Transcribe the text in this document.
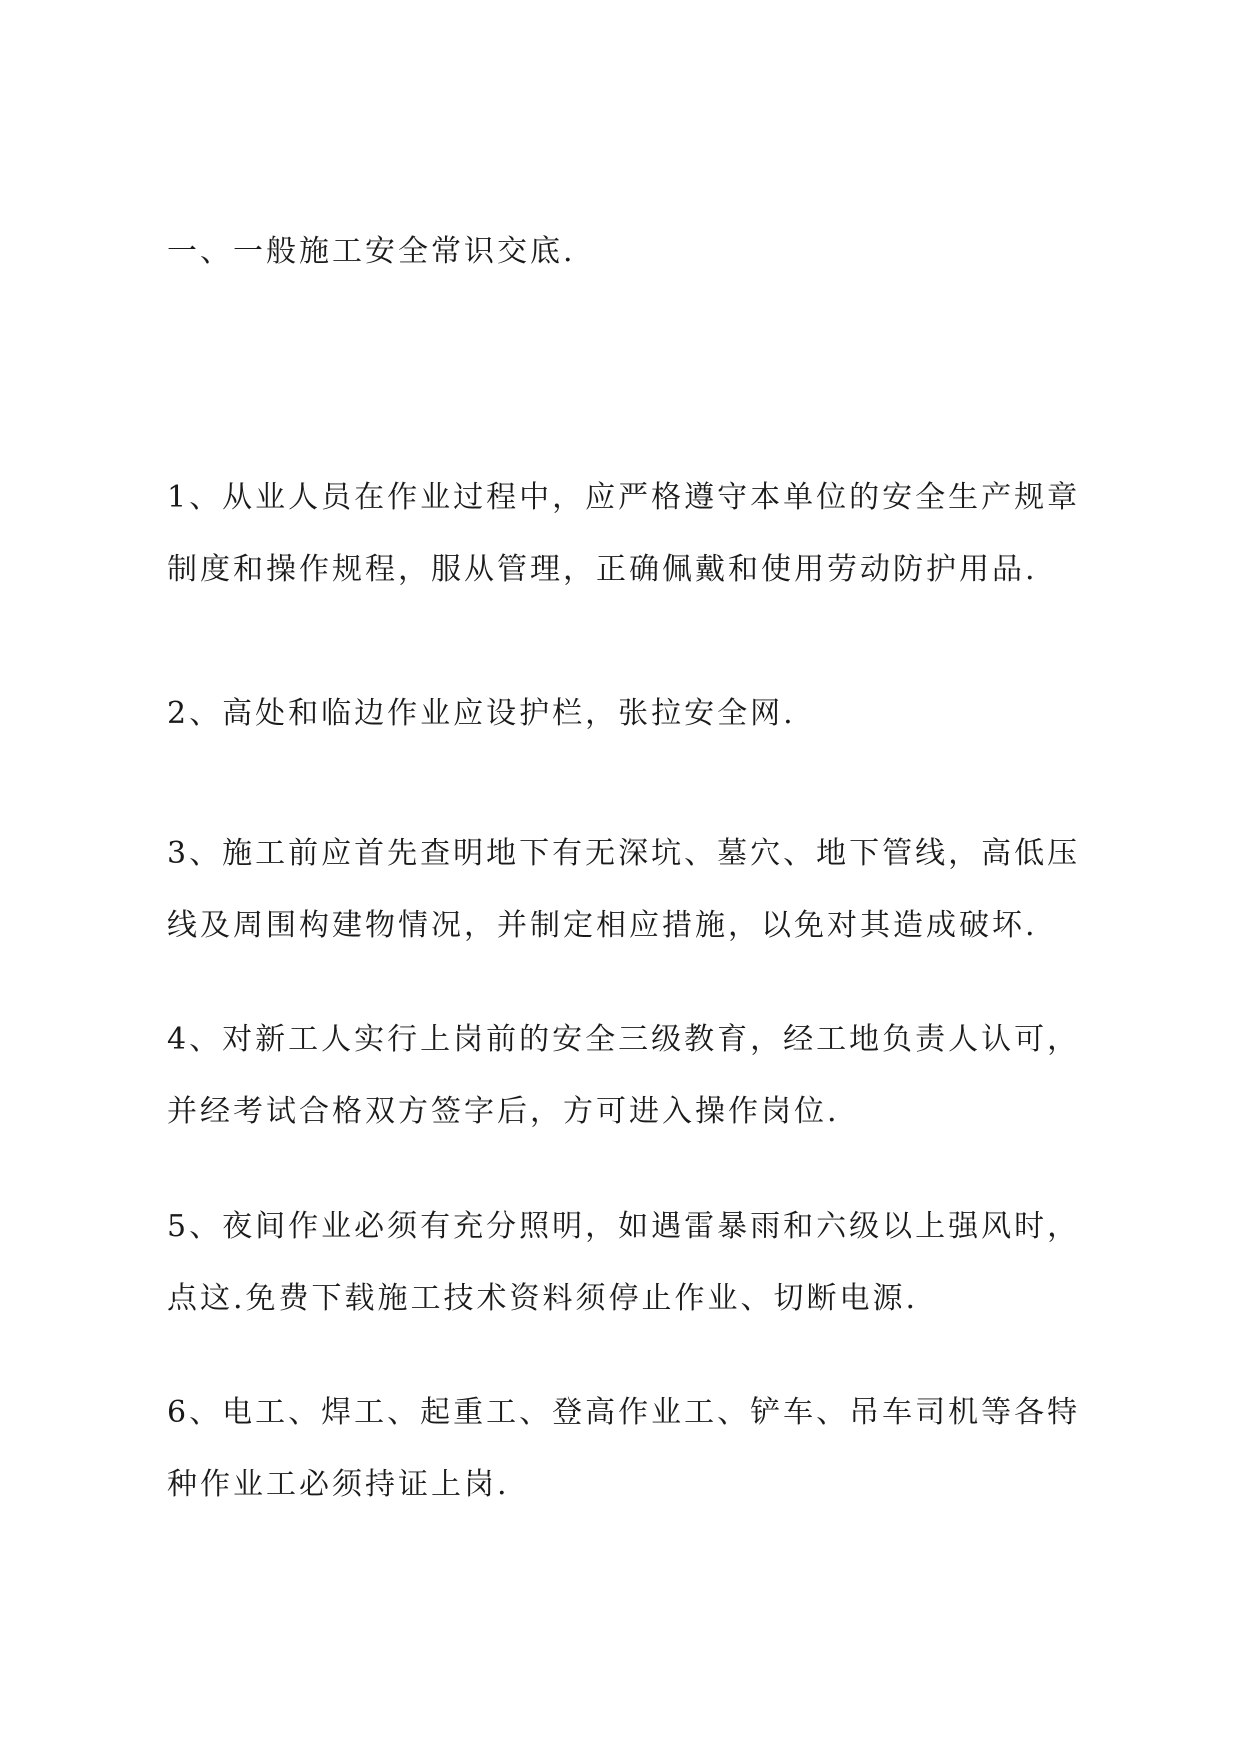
一、一般施工安全常识交底.
1、从业人员在作业过程中，应严格遵守本单位的安全生产规章
制度和操作规程，服从管理，正确佩戴和使用劳动防护用品.
2、高处和临边作业应设护栏，张拉安全网.
3、施工前应首先查明地下有无深坑、墓穴、地下管线，高低压
线及周围构建物情况，并制定相应措施，以免对其造成破坏.
4、对新工人实行上岗前的安全三级教育，经工地负责人认可，
并经考试合格双方签字后，方可进入操作岗位.
5、夜间作业必须有充分照明，如遇雷暴雨和六级以上强风时，
点这.免费下载施工技术资料须停止作业、切断电源.
6、电工、焊工、起重工、登高作业工、铲车、吊车司机等各特
种作业工必须持证上岗.
